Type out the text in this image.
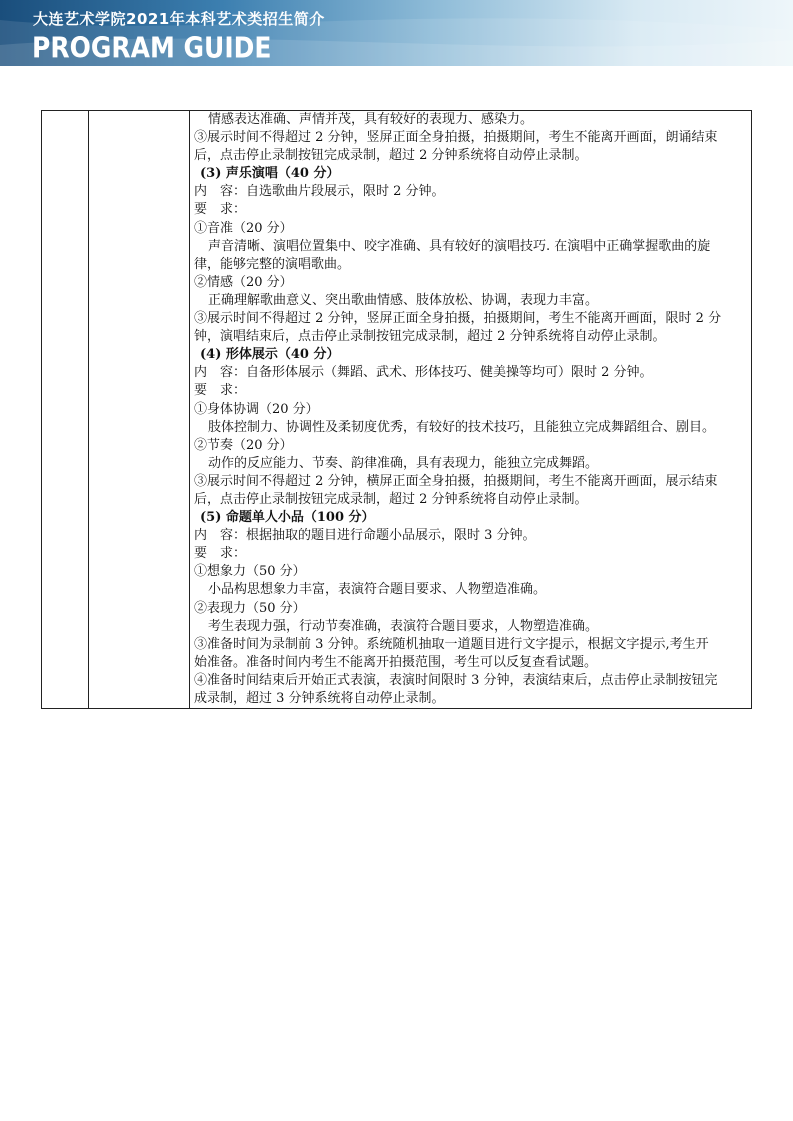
大连艺术学院2021年本科艺术类招生简介
PROGRAM GUIDE

情感表达准确、声情并茂，具有较好的表现力、感染力。

③展示时间不得超过 2 分钟，竖屏正面全身拍摄，拍摄期间，考生不能离开画面，朗诵结束

后，点击停止录制按钮完成录制，超过 2 分钟系统将自动停止录制。

(3) 声乐演唱（40 分）

内　容：自选歌曲片段展示，限时 2 分钟。

要　求：

①音准（20 分）

声音清晰、演唱位置集中、咬字准确、具有较好的演唱技巧. 在演唱中正确掌握歌曲的旋

律，能够完整的演唱歌曲。

②情感（20 分）

正确理解歌曲意义、突出歌曲情感、肢体放松、协调，表现力丰富。

③展示时间不得超过 2 分钟，竖屏正面全身拍摄，拍摄期间，考生不能离开画面，限时 2 分

钟，演唱结束后，点击停止录制按钮完成录制，超过 2 分钟系统将自动停止录制。

(4) 形体展示（40 分）

内　容：自备形体展示（舞蹈、武术、形体技巧、健美操等均可）限时 2 分钟。

要　求：

①身体协调（20 分）

肢体控制力、协调性及柔韧度优秀，有较好的技术技巧，且能独立完成舞蹈组合、剧目。

②节奏（20 分）

动作的反应能力、节奏、韵律准确，具有表现力，能独立完成舞蹈。

③展示时间不得超过 2 分钟，横屏正面全身拍摄，拍摄期间，考生不能离开画面，展示结束

后，点击停止录制按钮完成录制，超过 2 分钟系统将自动停止录制。

(5) 命题单人小品（100 分）

内　容：根据抽取的题目进行命题小品展示，限时 3 分钟。

要　求：

①想象力（50 分）

小品构思想象力丰富，表演符合题目要求、人物塑造准确。

②表现力（50 分）

考生表现力强，行动节奏准确，表演符合题目要求，人物塑造准确。

③准备时间为录制前 3 分钟。系统随机抽取一道题目进行文字提示，根据文字提示,考生开

始准备。准备时间内考生不能离开拍摄范围，考生可以反复查看试题。

④准备时间结束后开始正式表演，表演时间限时 3 分钟，表演结束后，点击停止录制按钮完

成录制，超过 3 分钟系统将自动停止录制。
